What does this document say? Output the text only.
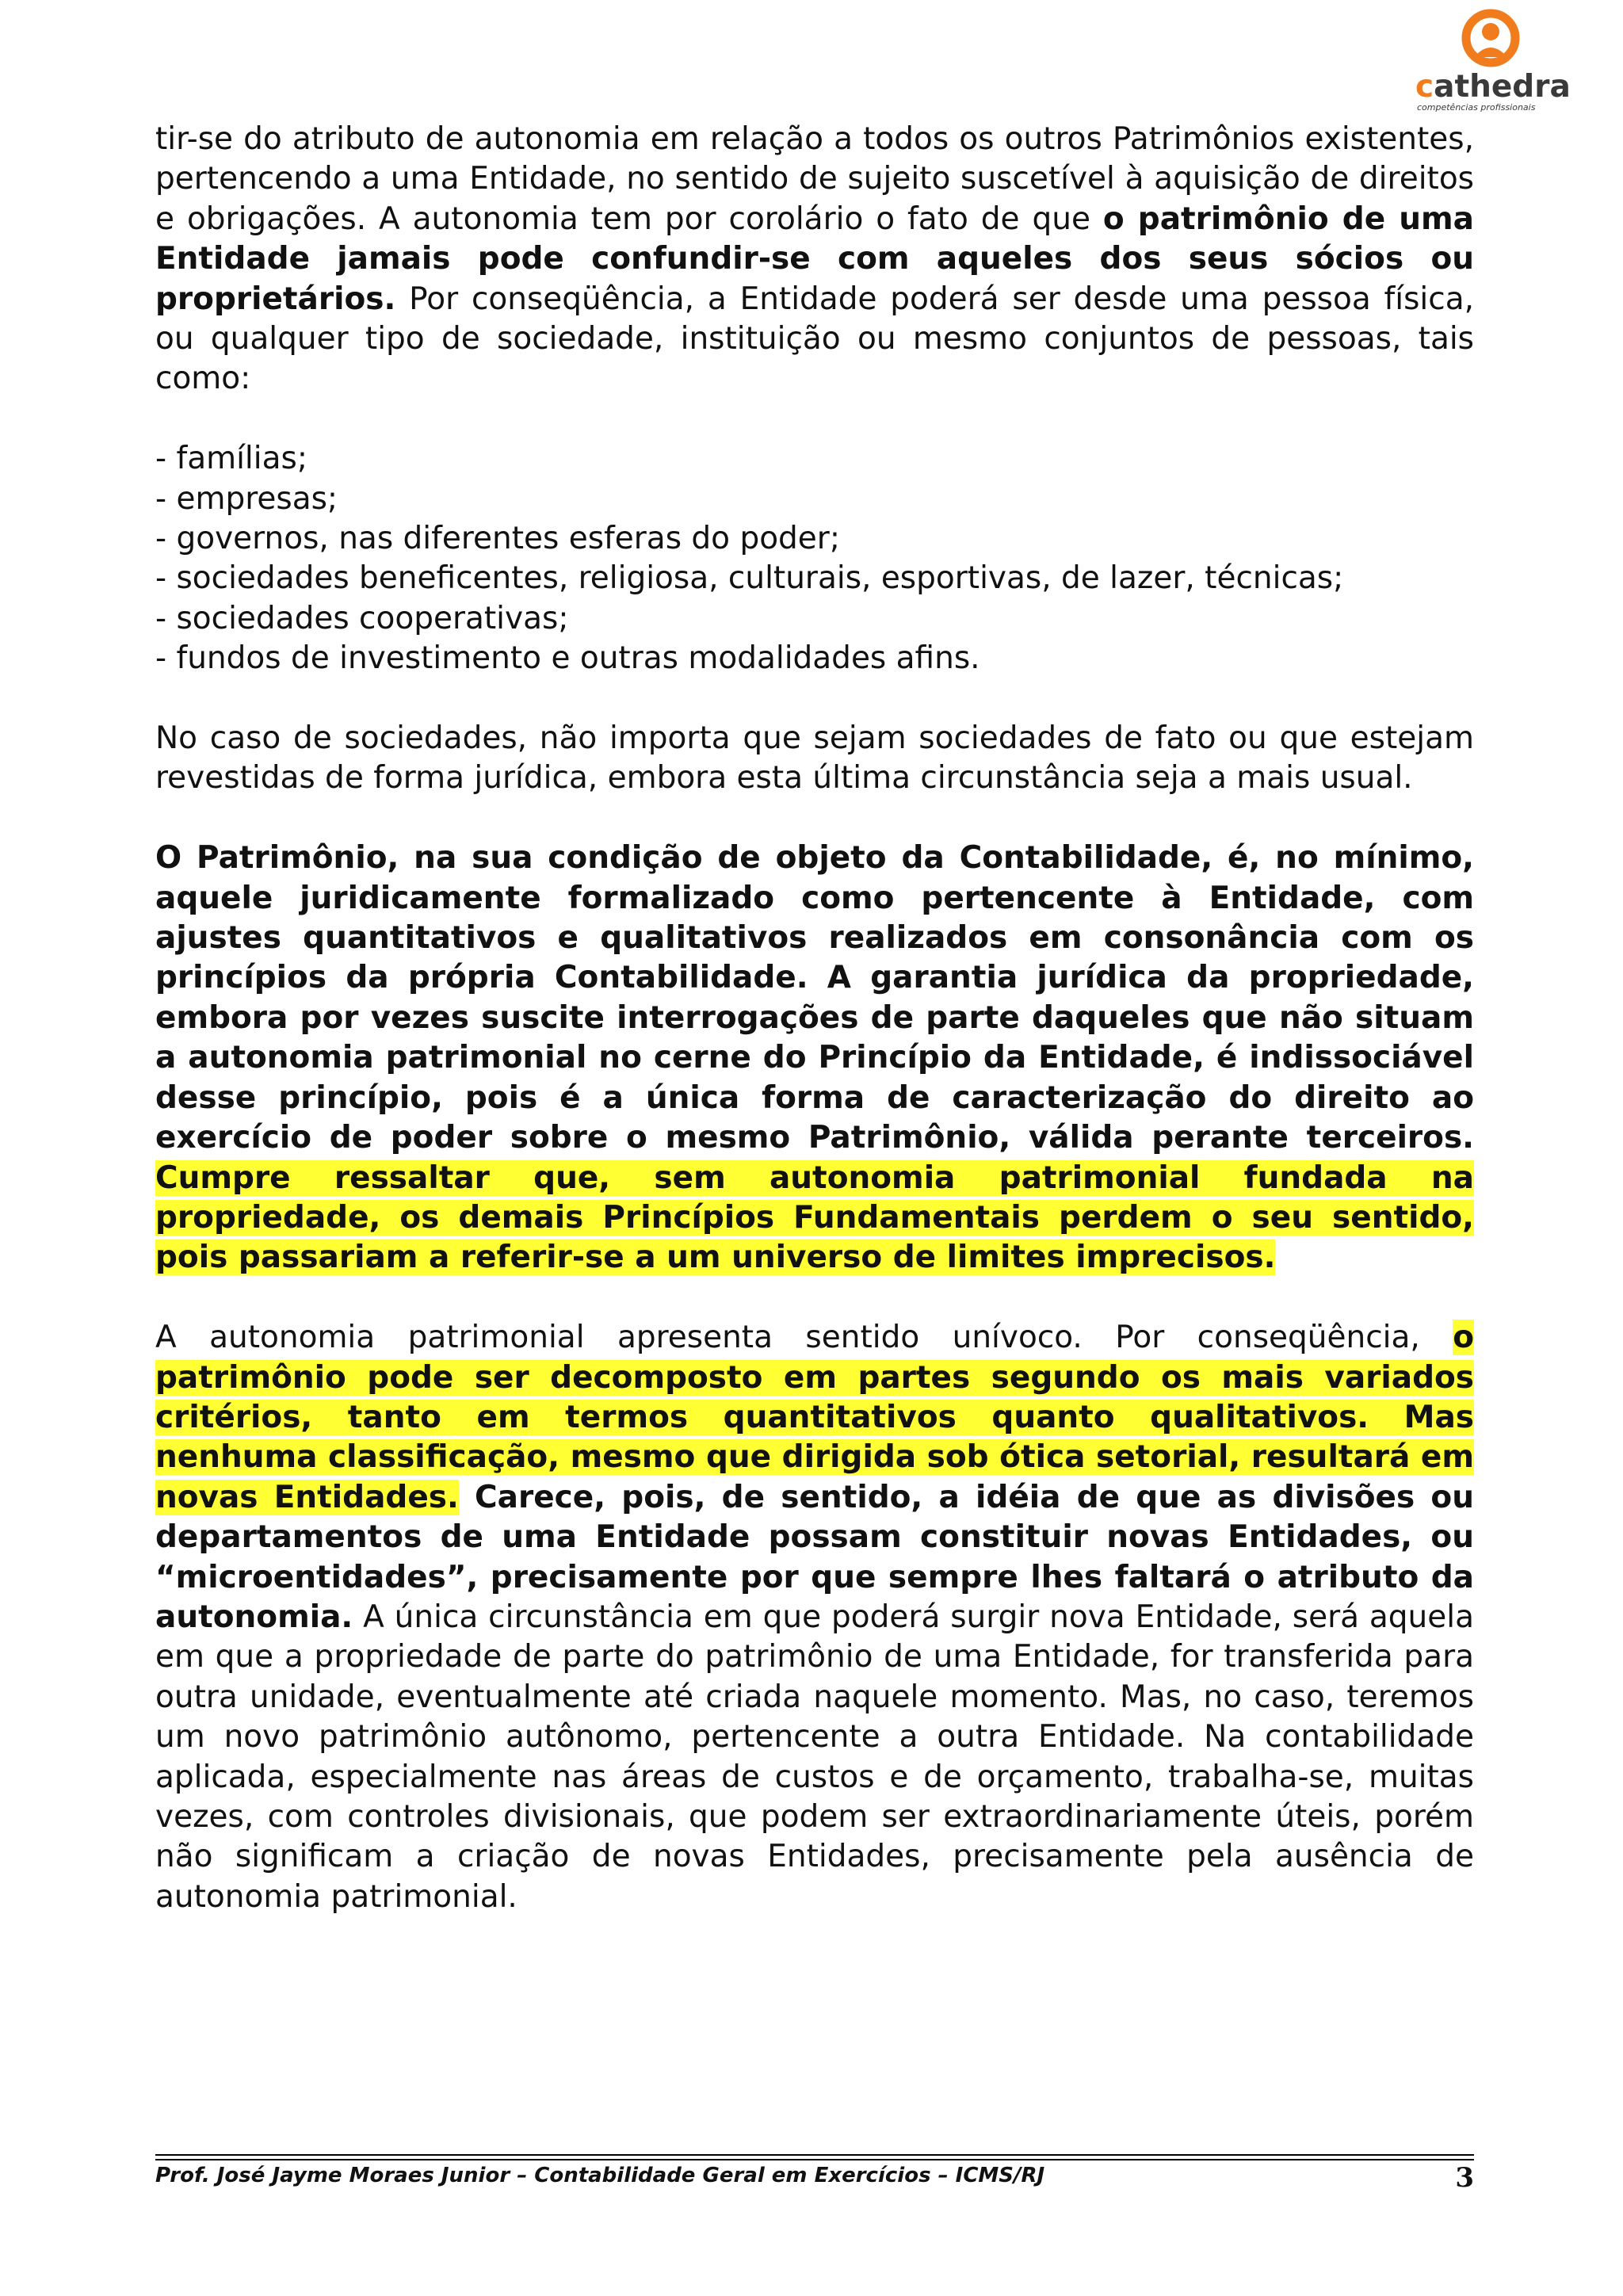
cathedra
competências profissionais

tir-se do atributo de autonomia em relação a todos os outros Patrimônios existentes, pertencendo a uma Entidade, no sentido de sujeito suscetível à aquisição de direitos e obrigações. A autonomia tem por corolário o fato de que o patrimônio de uma Entidade jamais pode confundir-se com aqueles dos seus sócios ou proprietários. Por conseqüência, a Entidade poderá ser desde uma pessoa física, ou qualquer tipo de sociedade, instituição ou mesmo conjuntos de pessoas, tais como:

- famílias;
- empresas;
- governos, nas diferentes esferas do poder;
- sociedades beneficentes, religiosa, culturais, esportivas, de lazer, técnicas;
- sociedades cooperativas;
- fundos de investimento e outras modalidades afins.

No caso de sociedades, não importa que sejam sociedades de fato ou que estejam revestidas de forma jurídica, embora esta última circunstância seja a mais usual.

O Patrimônio, na sua condição de objeto da Contabilidade, é, no mínimo, aquele juridicamente formalizado como pertencente à Entidade, com ajustes quantitativos e qualitativos realizados em consonância com os princípios da própria Contabilidade. A garantia jurídica da propriedade, embora por vezes suscite interrogações de parte daqueles que não situam a autonomia patrimonial no cerne do Princípio da Entidade, é indissociável desse princípio, pois é a única forma de caracterização do direito ao exercício de poder sobre o mesmo Patrimônio, válida perante terceiros. Cumpre ressaltar que, sem autonomia patrimonial fundada na propriedade, os demais Princípios Fundamentais perdem o seu sentido, pois passariam a referir-se a um universo de limites imprecisos.

A autonomia patrimonial apresenta sentido unívoco. Por conseqüência, o patrimônio pode ser decomposto em partes segundo os mais variados critérios, tanto em termos quantitativos quanto qualitativos. Mas nenhuma classificação, mesmo que dirigida sob ótica setorial, resultará em novas Entidades. Carece, pois, de sentido, a idéia de que as divisões ou departamentos de uma Entidade possam constituir novas Entidades, ou “microentidades”, precisamente por que sempre lhes faltará o atributo da autonomia. A única circunstância em que poderá surgir nova Entidade, será aquela em que a propriedade de parte do patrimônio de uma Entidade, for transferida para outra unidade, eventualmente até criada naquele momento. Mas, no caso, teremos um novo patrimônio autônomo, pertencente a outra Entidade. Na contabilidade aplicada, especialmente nas áreas de custos e de orçamento, trabalha-se, muitas vezes, com controles divisionais, que podem ser extraordinariamente úteis, porém não significam a criação de novas Entidades, precisamente pela ausência de autonomia patrimonial.

Prof. José Jayme Moraes Junior – Contabilidade Geral em Exercícios – ICMS/RJ	3
